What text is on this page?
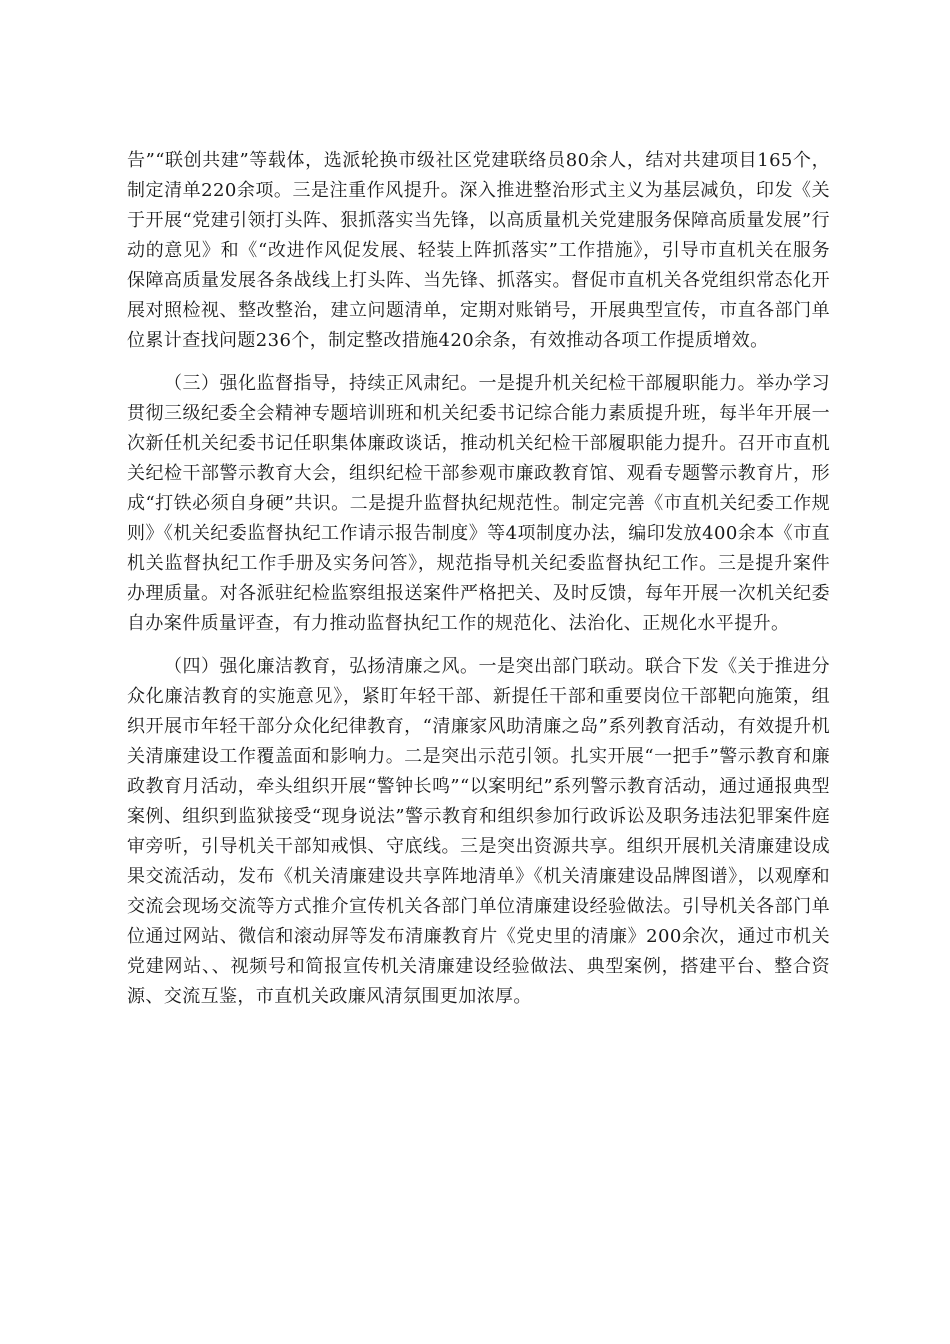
告”“联创共建”等载体，选派轮换市级社区党建联络员80余人，结对共建项目165个，制定清单220余项。三是注重作风提升。深入推进整治形式主义为基层减负，印发《关于开展“党建引领打头阵、狠抓落实当先锋，以高质量机关党建服务保障高质量发展”行动的意见》和《“改进作风促发展、轻装上阵抓落实”工作措施》，引导市直机关在服务保障高质量发展各条战线上打头阵、当先锋、抓落实。督促市直机关各党组织常态化开展对照检视、整改整治，建立问题清单，定期对账销号，开展典型宣传，市直各部门单位累计查找问题236个，制定整改措施420余条，有效推动各项工作提质增效。

（三）强化监督指导，持续正风肃纪。一是提升机关纪检干部履职能力。举办学习贯彻三级纪委全会精神专题培训班和机关纪委书记综合能力素质提升班，每半年开展一次新任机关纪委书记任职集体廉政谈话，推动机关纪检干部履职能力提升。召开市直机关纪检干部警示教育大会，组织纪检干部参观市廉政教育馆、观看专题警示教育片，形成“打铁必须自身硬”共识。二是提升监督执纪规范性。制定完善《市直机关纪委工作规则》《机关纪委监督执纪工作请示报告制度》等4项制度办法，编印发放400余本《市直机关监督执纪工作手册及实务问答》，规范指导机关纪委监督执纪工作。三是提升案件办理质量。对各派驻纪检监察组报送案件严格把关、及时反馈，每年开展一次机关纪委自办案件质量评查，有力推动监督执纪工作的规范化、法治化、正规化水平提升。

（四）强化廉洁教育，弘扬清廉之风。一是突出部门联动。联合下发《关于推进分众化廉洁教育的实施意见》，紧盯年轻干部、新提任干部和重要岗位干部靶向施策，组织开展市年轻干部分众化纪律教育，“清廉家风助清廉之岛”系列教育活动，有效提升机关清廉建设工作覆盖面和影响力。二是突出示范引领。扎实开展“一把手”警示教育和廉政教育月活动，牵头组织开展“警钟长鸣”“以案明纪”系列警示教育活动，通过通报典型案例、组织到监狱接受“现身说法”警示教育和组织参加行政诉讼及职务违法犯罪案件庭审旁听，引导机关干部知戒惧、守底线。三是突出资源共享。组织开展机关清廉建设成果交流活动，发布《机关清廉建设共享阵地清单》《机关清廉建设品牌图谱》，以观摩和交流会现场交流等方式推介宣传机关各部门单位清廉建设经验做法。引导机关各部门单位通过网站、微信和滚动屏等发布清廉教育片《党史里的清廉》200余次，通过市机关党建网站、、视频号和简报宣传机关清廉建设经验做法、典型案例，搭建平台、整合资源、交流互鉴，市直机关政廉风清氛围更加浓厚。
